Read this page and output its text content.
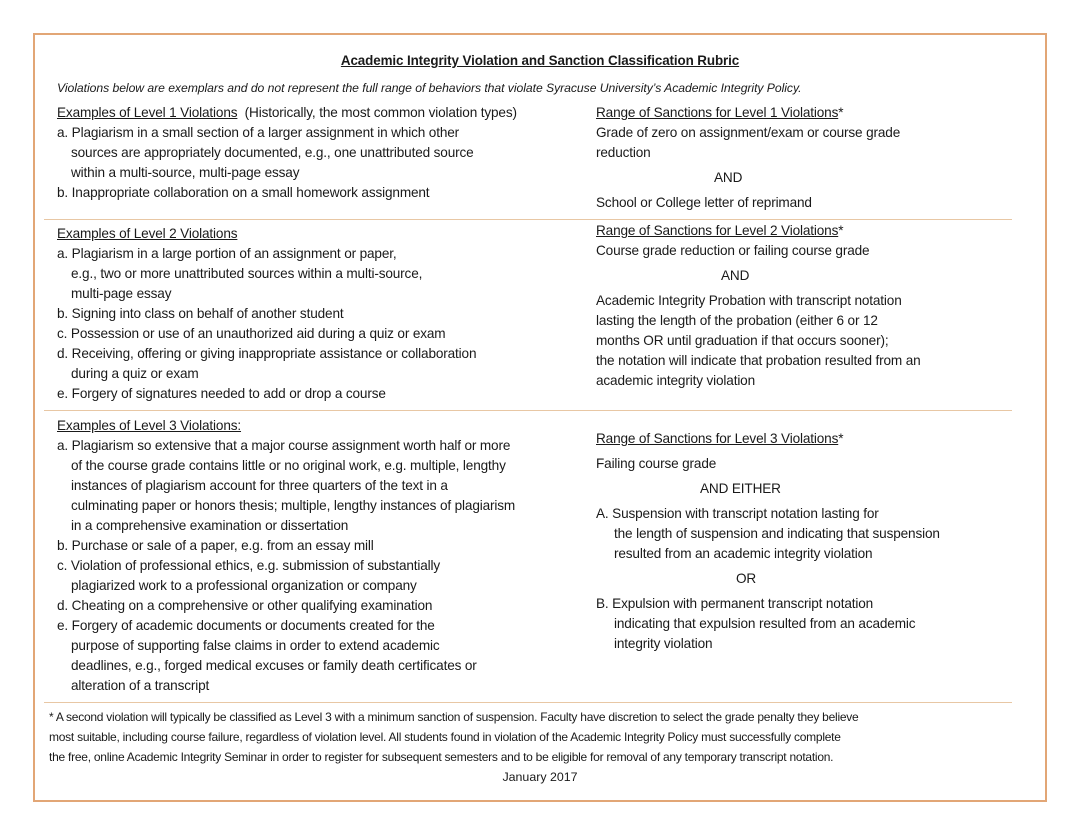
Academic Integrity Violation and Sanction Classification Rubric
Violations below are exemplars and do not represent the full range of behaviors that violate Syracuse University’s Academic Integrity Policy.
Examples of Level 1 Violations (Historically, the most common violation types)
a. Plagiarism in a small section of a larger assignment in which other
sources are appropriately documented, e.g., one unattributed source
within a multi-source, multi-page essay
b. Inappropriate collaboration on a small homework assignment
Range of Sanctions for Level 1 Violations*
Grade of zero on assignment/exam or course grade
reduction
AND
School or College letter of reprimand
Examples of Level 2 Violations
a. Plagiarism in a large portion of an assignment or paper,
e.g., two or more unattributed sources within a multi-source,
multi-page essay
b. Signing into class on behalf of another student
c. Possession or use of an unauthorized aid during a quiz or exam
d. Receiving, offering or giving inappropriate assistance or collaboration
during a quiz or exam
e. Forgery of signatures needed to add or drop a course
Range of Sanctions for Level 2 Violations*
Course grade reduction or failing course grade
AND
Academic Integrity Probation with transcript notation
lasting the length of the probation (either 6 or 12
months OR until graduation if that occurs sooner);
the notation will indicate that probation resulted from an
academic integrity violation
Examples of Level 3 Violations:
a. Plagiarism so extensive that a major course assignment worth half or more
of the course grade contains little or no original work, e.g. multiple, lengthy
instances of plagiarism account for three quarters of the text in a
culminating paper or honors thesis; multiple, lengthy instances of plagiarism
in a comprehensive examination or dissertation
b. Purchase or sale of a paper, e.g. from an essay mill
c. Violation of professional ethics, e.g. submission of substantially
plagiarized work to a professional organization or company
d. Cheating on a comprehensive or other qualifying examination
e. Forgery of academic documents or documents created for the
purpose of supporting false claims in order to extend academic
deadlines, e.g., forged medical excuses or family death certificates or
alteration of a transcript
Range of Sanctions for Level 3 Violations*
Failing course grade
AND EITHER
A. Suspension with transcript notation lasting for
the length of suspension and indicating that suspension
resulted from an academic integrity violation
OR
B. Expulsion with permanent transcript notation
indicating that expulsion resulted from an academic
integrity violation
* A second violation will typically be classified as Level 3 with a minimum sanction of suspension. Faculty have discretion to select the grade penalty they believe
most suitable, including course failure, regardless of violation level. All students found in violation of the Academic Integrity Policy must successfully complete
the free, online Academic Integrity Seminar in order to register for subsequent semesters and to be eligible for removal of any temporary transcript notation.
January 2017
